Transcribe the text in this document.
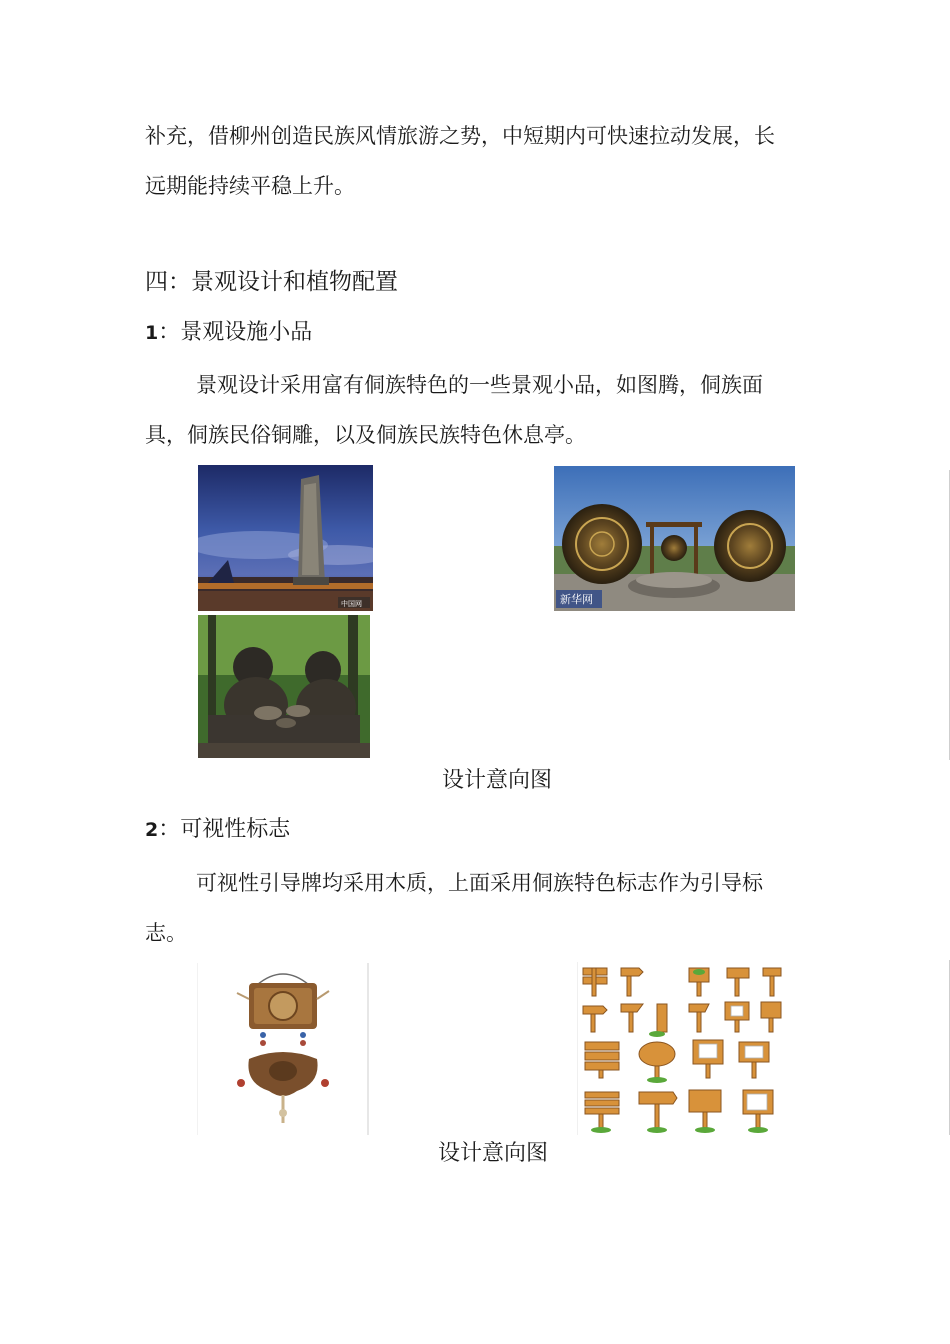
补充，借柳州创造民族风情旅游之势，中短期内可快速拉动发展，长
远期能持续平稳上升。
四：景观设计和植物配置
1：景观设施小品
景观设计采用富有侗族特色的一些景观小品，如图腾，侗族面
具，侗族民俗铜雕，以及侗族民族特色休息亭。
中国网	新华网
设计意向图
2：可视性标志
可视性引导牌均采用木质，上面采用侗族特色标志作为引导标
志。
设计意向图
